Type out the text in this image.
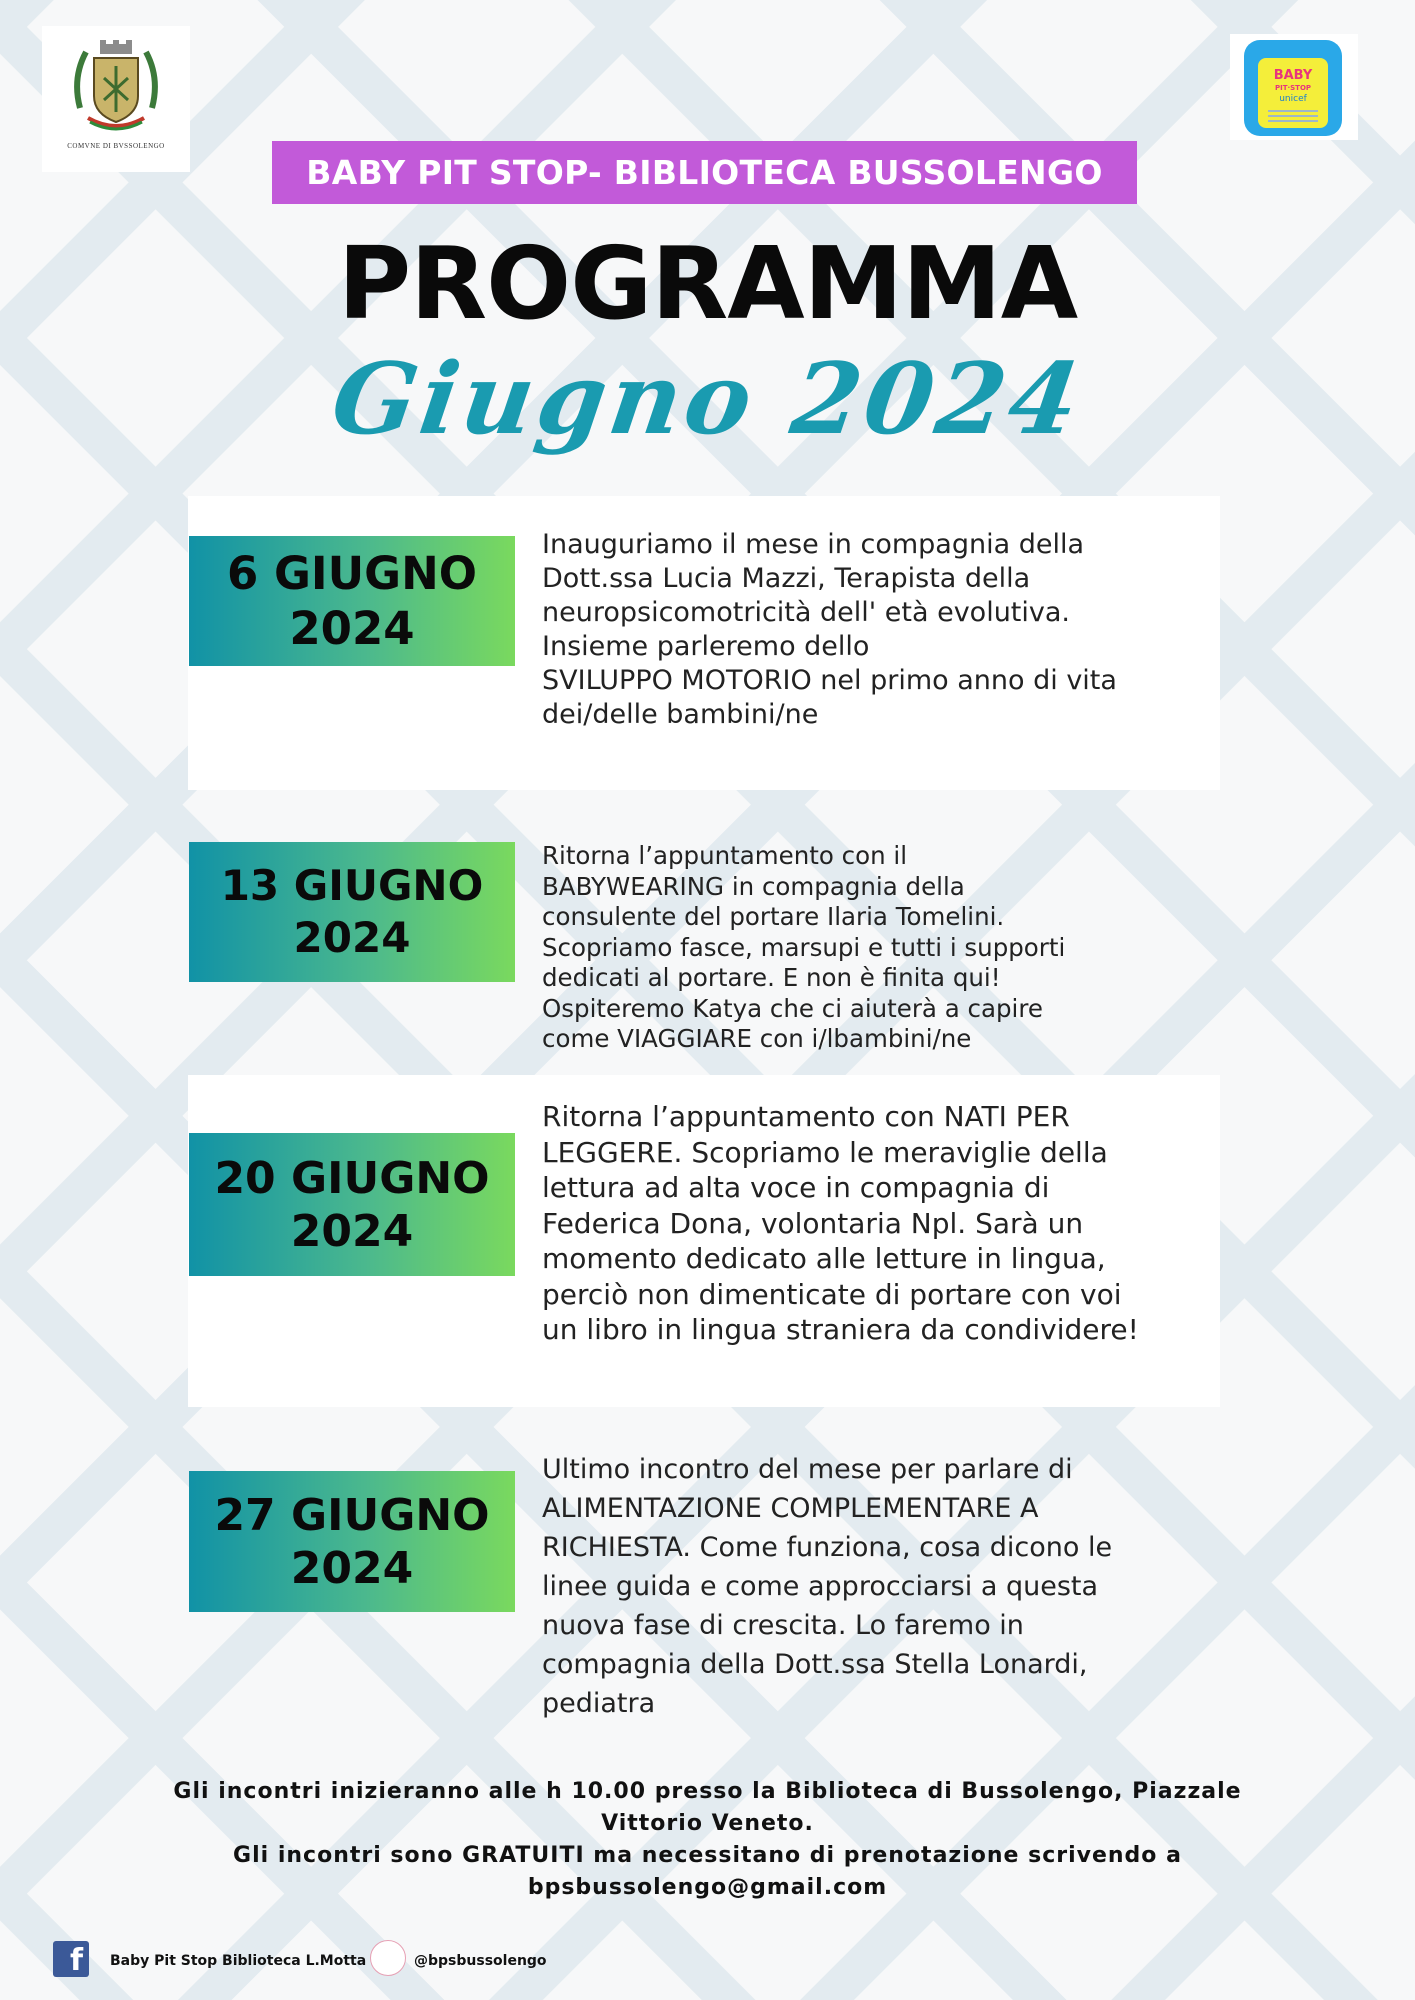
COMVNE DI BVSSOLENGO
BABY
PIT·STOP
unicef
BABY PIT STOP- BIBLIOTECA BUSSOLENGO
PROGRAMMA
Giugno 2024
6 GIUGNO
2024
Inauguriamo il mese in compagnia della
Dott.ssa Lucia Mazzi, Terapista della
neuropsicomotricità dell' età evolutiva.
Insieme parleremo dello
SVILUPPO MOTORIO nel primo anno di vita
dei/delle bambini/ne
13 GIUGNO
2024
Ritorna l’appuntamento con il
BABYWEARING in compagnia della
consulente del portare Ilaria Tomelini.
Scopriamo fasce, marsupi e tutti i supporti
dedicati al portare. E non è finita qui!
Ospiteremo Katya che ci aiuterà a capire
come VIAGGIARE con i/lbambini/ne
20 GIUGNO
2024
Ritorna l’appuntamento con NATI PER
LEGGERE. Scopriamo le meraviglie della
lettura ad alta voce in compagnia di
Federica Dona, volontaria Npl. Sarà un
momento dedicato alle letture in lingua,
perciò non dimenticate di portare con voi
un libro in lingua straniera da condividere!
27 GIUGNO
2024
Ultimo incontro del mese per parlare di
ALIMENTAZIONE COMPLEMENTARE A
RICHIESTA. Come funziona, cosa dicono le
linee guida e come approcciarsi a questa
nuova fase di crescita. Lo faremo in
compagnia della Dott.ssa Stella Lonardi,
pediatra
Gli incontri inizieranno alle h 10.00 presso la Biblioteca di Bussolengo, Piazzale
Vittorio Veneto.
Gli incontri sono GRATUITI ma necessitano di prenotazione scrivendo a
bpsbussolengo@gmail.com
f	Baby Pit Stop Biblioteca L.Motta	@bpsbussolengo
